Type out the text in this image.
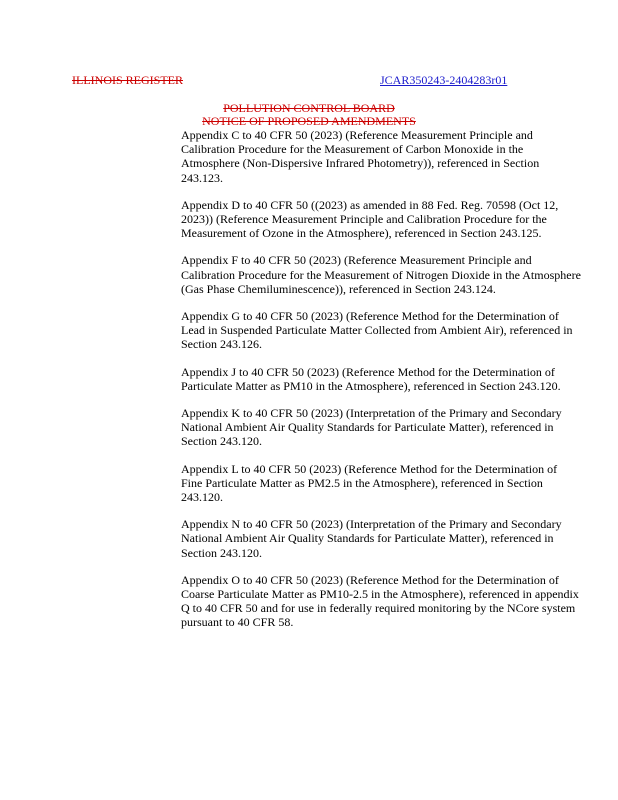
ILLINOIS REGISTER	JCAR350243-2404283r01
POLLUTION CONTROL BOARD
NOTICE OF PROPOSED AMENDMENTS

Appendix C to 40 CFR 50 (2023) (Reference Measurement Principle and Calibration Procedure for the Measurement of Carbon Monoxide in the Atmosphere (Non-Dispersive Infrared Photometry)), referenced in Section 243.123.

Appendix D to 40 CFR 50 ((2023) as amended in 88 Fed. Reg. 70598 (Oct 12, 2023)) (Reference Measurement Principle and Calibration Procedure for the Measurement of Ozone in the Atmosphere), referenced in Section 243.125.

Appendix F to 40 CFR 50 (2023) (Reference Measurement Principle and Calibration Procedure for the Measurement of Nitrogen Dioxide in the Atmosphere (Gas Phase Chemiluminescence)), referenced in Section 243.124.

Appendix G to 40 CFR 50 (2023) (Reference Method for the Determination of Lead in Suspended Particulate Matter Collected from Ambient Air), referenced in Section 243.126.

Appendix J to 40 CFR 50 (2023) (Reference Method for the Determination of Particulate Matter as PM10 in the Atmosphere), referenced in Section 243.120.

Appendix K to 40 CFR 50 (2023) (Interpretation of the Primary and Secondary National Ambient Air Quality Standards for Particulate Matter), referenced in Section 243.120.

Appendix L to 40 CFR 50 (2023) (Reference Method for the Determination of Fine Particulate Matter as PM2.5 in the Atmosphere), referenced in Section 243.120.

Appendix N to 40 CFR 50 (2023) (Interpretation of the Primary and Secondary National Ambient Air Quality Standards for Particulate Matter), referenced in Section 243.120.

Appendix O to 40 CFR 50 (2023) (Reference Method for the Determination of Coarse Particulate Matter as PM10-2.5 in the Atmosphere), referenced in appendix Q to 40 CFR 50 and for use in federally required monitoring by the NCore system pursuant to 40 CFR 58.
